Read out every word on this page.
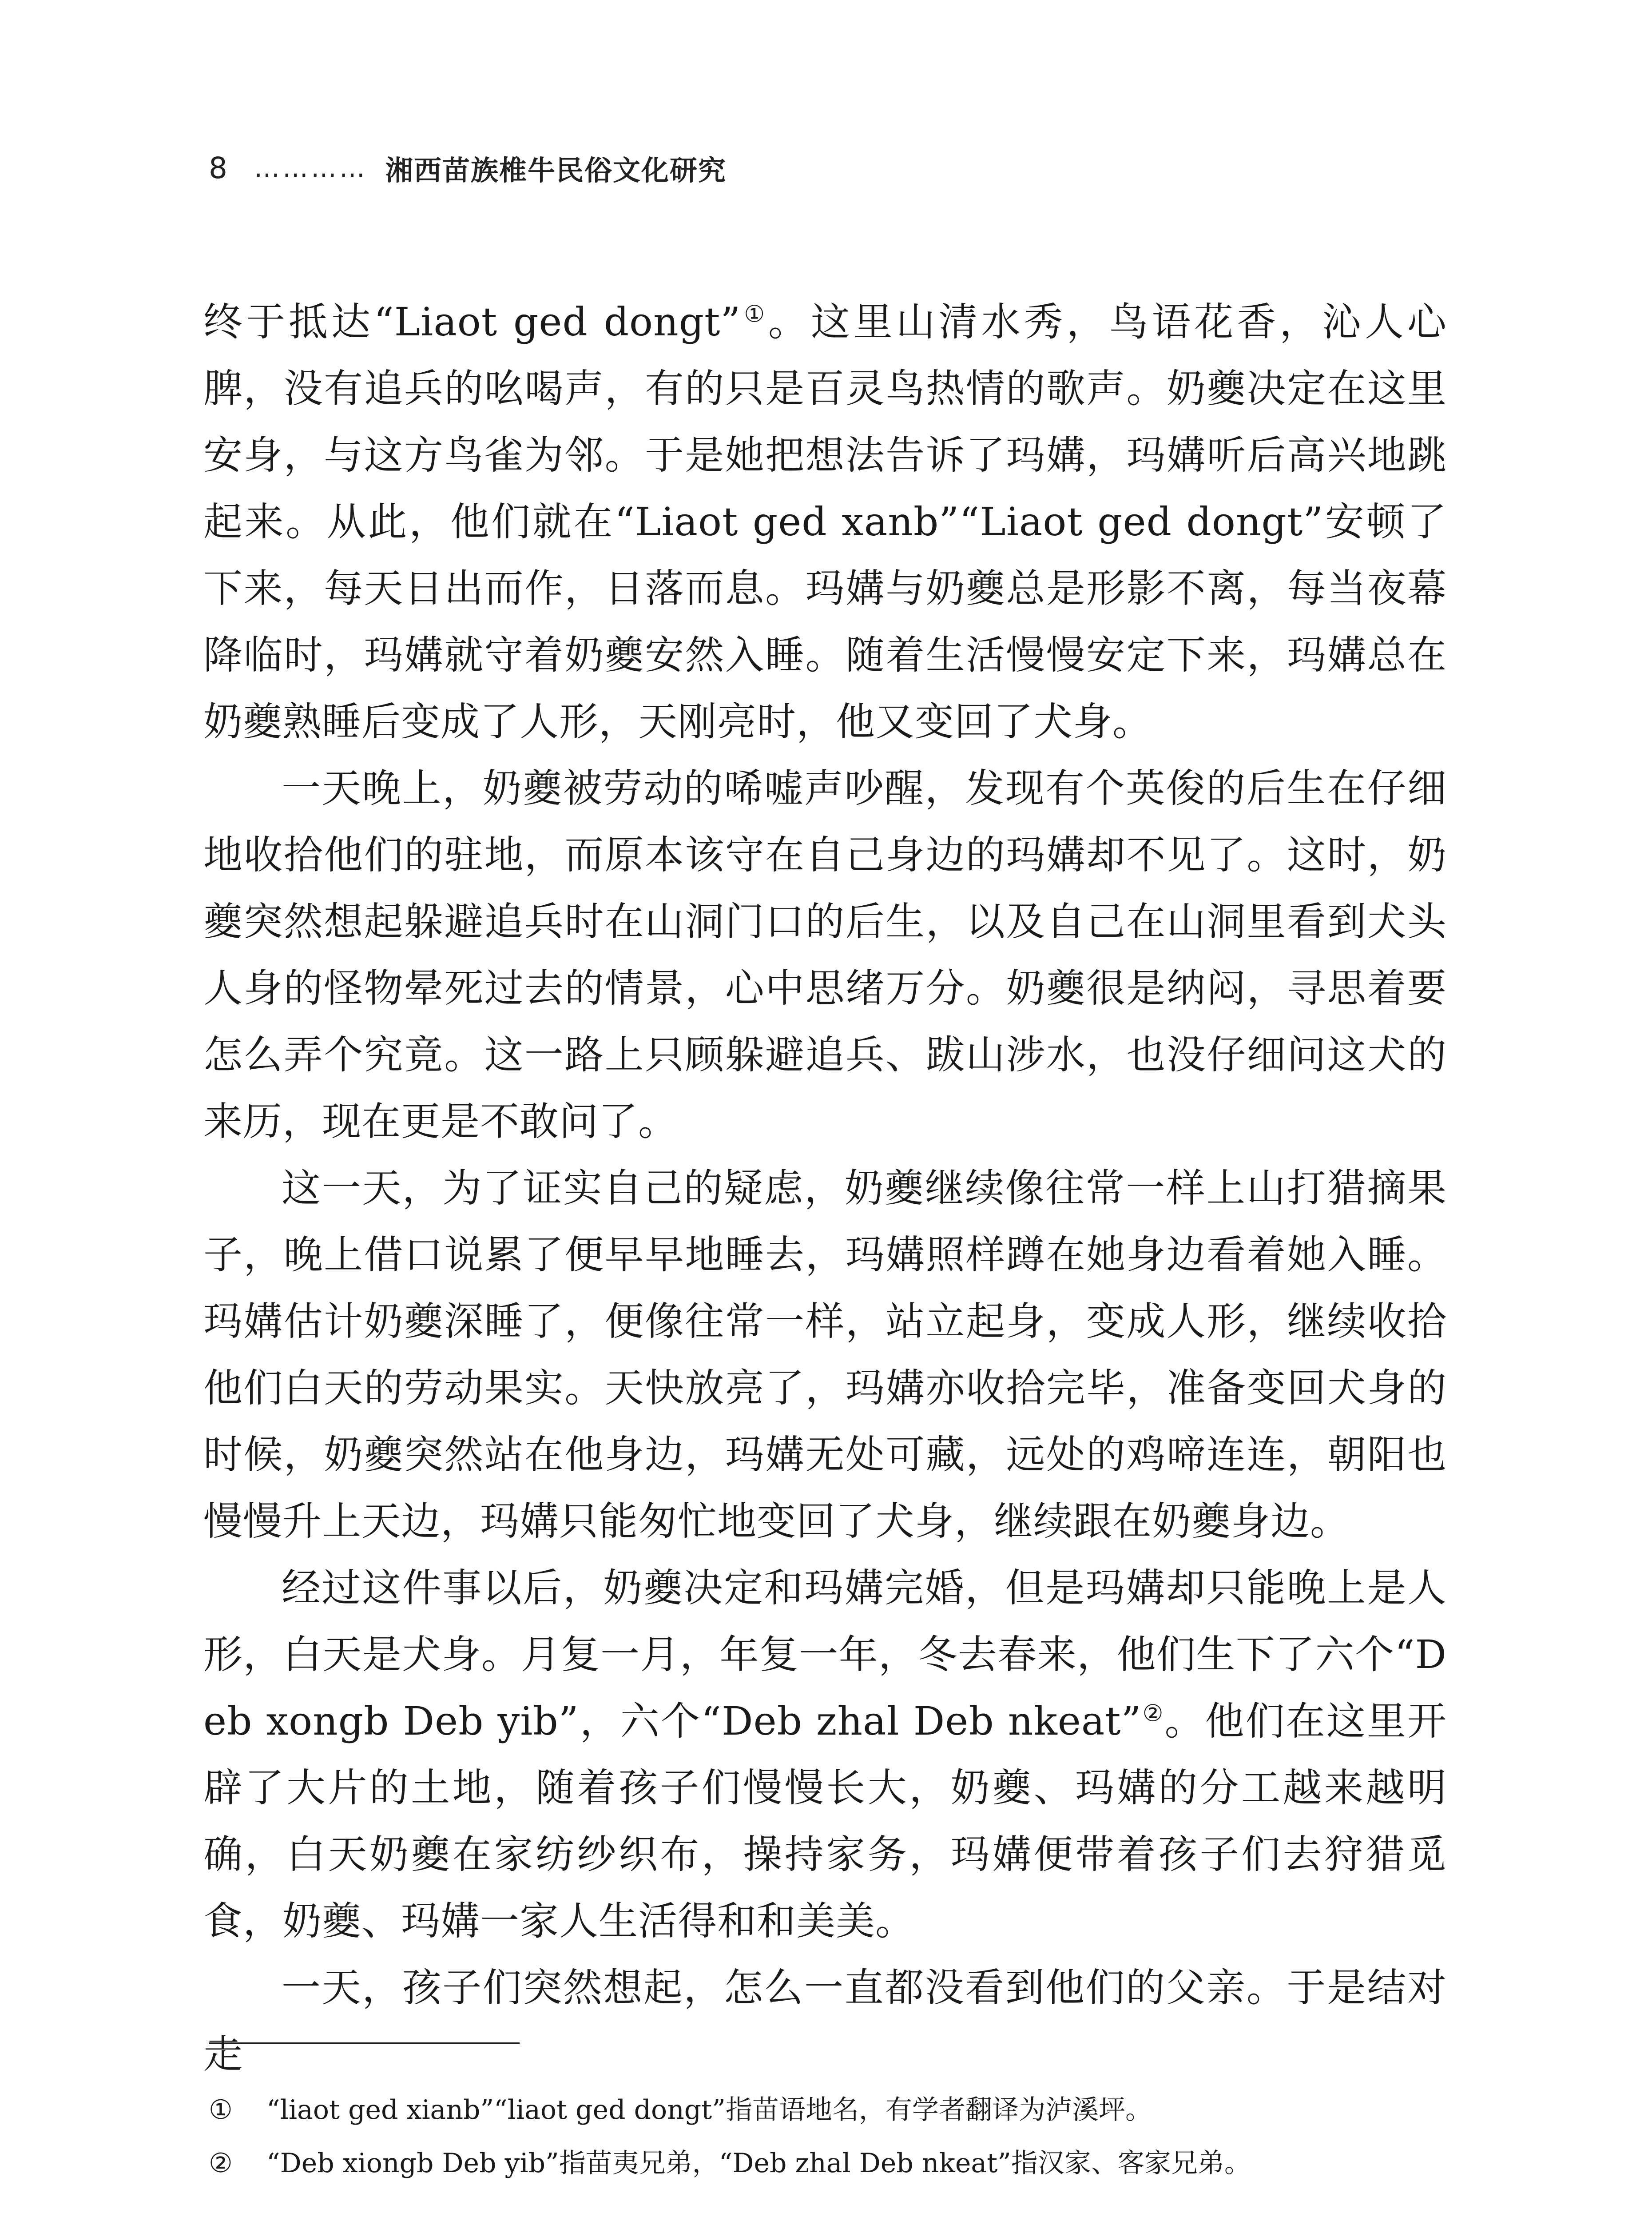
8 ………… 湘西苗族椎牛民俗文化研究

终于抵达“Liaot ged dongt”①。这里山清水秀，鸟语花香，沁人心脾，没有追兵的吆喝声，有的只是百灵鸟热情的歌声。奶夔决定在这里安身，与这方鸟雀为邻。于是她把想法告诉了玛媾，玛媾听后高兴地跳起来。从此，他们就在“Liaot ged xanb”“Liaot ged dongt”安顿了下来，每天日出而作，日落而息。玛媾与奶夔总是形影不离，每当夜幕降临时，玛媾就守着奶夔安然入睡。随着生活慢慢安定下来，玛媾总在奶夔熟睡后变成了人形，天刚亮时，他又变回了犬身。

一天晚上，奶夔被劳动的唏嘘声吵醒，发现有个英俊的后生在仔细地收拾他们的驻地，而原本该守在自己身边的玛媾却不见了。这时，奶夔突然想起躲避追兵时在山洞门口的后生，以及自己在山洞里看到犬头人身的怪物晕死过去的情景，心中思绪万分。奶夔很是纳闷，寻思着要怎么弄个究竟。这一路上只顾躲避追兵、跋山涉水，也没仔细问这犬的来历，现在更是不敢问了。

这一天，为了证实自己的疑虑，奶夔继续像往常一样上山打猎摘果子，晚上借口说累了便早早地睡去，玛媾照样蹲在她身边看着她入睡。玛媾估计奶夔深睡了，便像往常一样，站立起身，变成人形，继续收拾他们白天的劳动果实。天快放亮了，玛媾亦收拾完毕，准备变回犬身的时候，奶夔突然站在他身边，玛媾无处可藏，远处的鸡啼连连，朝阳也慢慢升上天边，玛媾只能匆忙地变回了犬身，继续跟在奶夔身边。

经过这件事以后，奶夔决定和玛媾完婚，但是玛媾却只能晚上是人形，白天是犬身。月复一月，年复一年，冬去春来，他们生下了六个“Deb xongb Deb yib”，六个“Deb zhal Deb nkeat”②。他们在这里开辟了大片的土地，随着孩子们慢慢长大，奶夔、玛媾的分工越来越明确，白天奶夔在家纺纱织布，操持家务，玛媾便带着孩子们去狩猎觅食，奶夔、玛媾一家人生活得和和美美。

一天，孩子们突然想起，怎么一直都没看到他们的父亲。于是结对走

①	“liaot ged xianb”“liaot ged dongt”指苗语地名，有学者翻译为泸溪坪。
②	“Deb xiongb Deb yib”指苗夷兄弟，“Deb zhal Deb nkeat”指汉家、客家兄弟。
